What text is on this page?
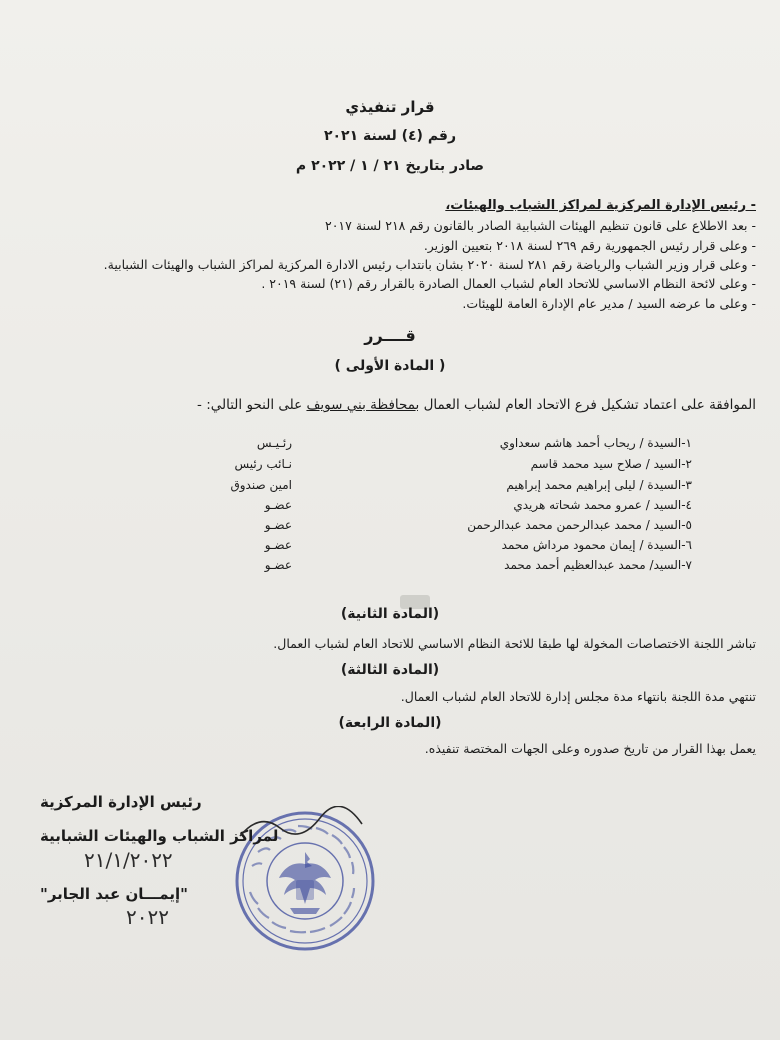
قرار تنفيذي
رقم (٤) لسنة ٢٠٢١
صادر بتاريخ ٢١ / ١ / ٢٠٢٢ م
- رئيس الإدارة المركزية لمراكز الشباب والهيئات،
- بعد الاطلاع على قانون تنظيم الهيئات الشبابية الصادر بالقانون رقم ٢١٨ لسنة ٢٠١٧
- وعلى قرار رئيس الجمهورية رقم ٢٦٩ لسنة ٢٠١٨ بتعيين الوزير.
- وعلى قرار وزير الشباب والرياضة رقم ٢٨١ لسنة ٢٠٢٠ بشان بانتداب رئيس الادارة المركزية لمراكز الشباب والهيئات الشبابية.
- وعلى لائحة النظام الاساسي للاتحاد العام لشباب العمال الصادرة بالقرار رقم (٢١) لسنة ٢٠١٩ .
- وعلى ما عرضه السيد / مدير عام الإدارة العامة للهيئات.
قــــرر
( المادة الأولى )
الموافقة على اعتماد تشكيل فرع الاتحاد العام لشباب العمال بمحافظة بني سويف على النحو التالي: -
١-السيدة / ريحاب أحمد هاشم سعداوي
رئـيـس
٢-السيد / صلاح سيد محمد قاسم
نـائب رئيس
٣-السيدة / ليلى إبراهيم محمد إبراهيم
امين صندوق
٤-السيد / عمرو محمد شحاته هريدي
عضـو
٥-السيد / محمد عبدالرحمن محمد عبدالرحمن
عضـو
٦-السيدة / إيمان محمود مرداش محمد
عضـو
٧-السيد/ محمد عبدالعظيم أحمد محمد
عضـو
(المادة الثانية)
تباشر اللجنة الاختصاصات المخولة لها طبقا للائحة النظام الاساسي للاتحاد العام لشباب العمال.
(المادة الثالثة)
تنتهي مدة اللجنة بانتهاء مدة مجلس إدارة للاتحاد العام لشباب العمال.
(المادة الرابعة)
يعمل بهذا القرار من تاريخ صدوره وعلى الجهات المختصة تنفيذه.
رئيس الإدارة المركزية
لمراكز الشباب والهيئات الشبابية
"إيمـــان عبد الجابر"
٢١/١/٢٠٢٢
٢٠٢٢
